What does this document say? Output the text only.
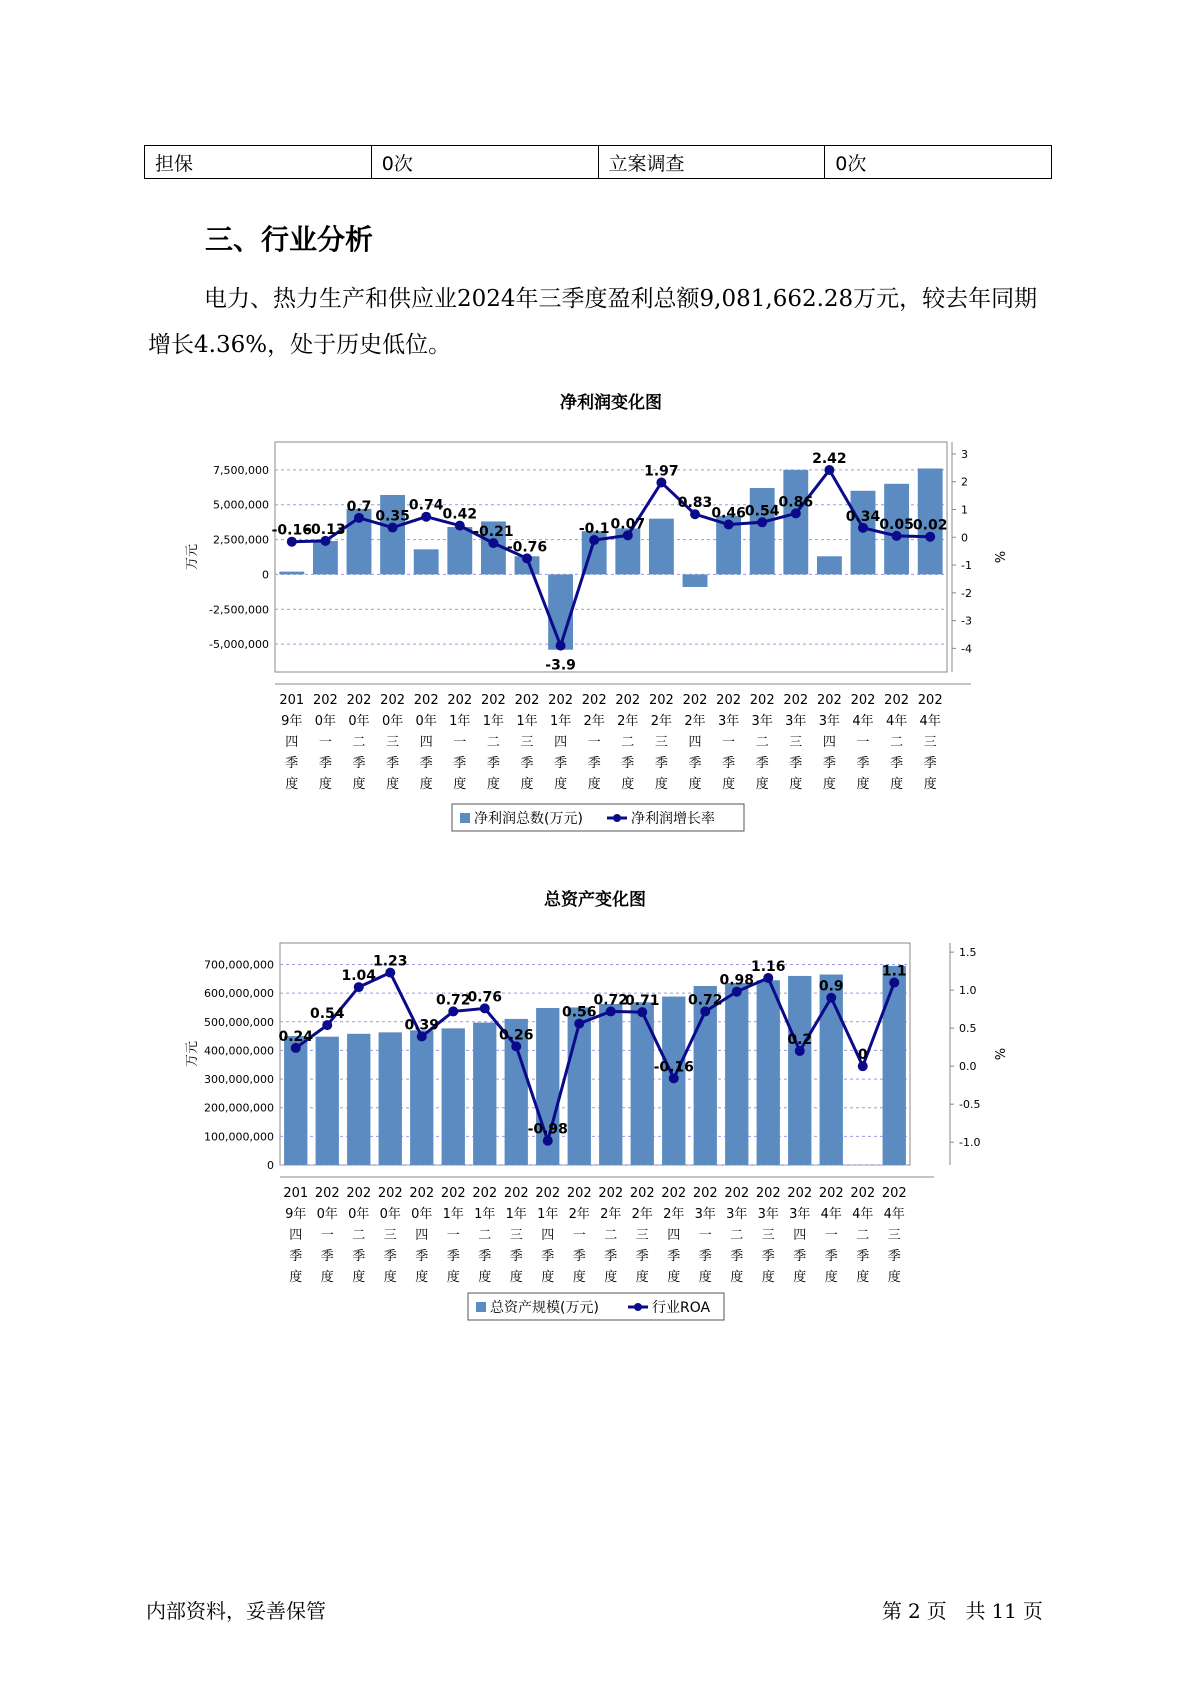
担保	0次	立案调查	0次
三、行业分析
电力、热力生产和供应业2024年三季度盈利总额9,081,662.28万元，较去年同期增长4.36%，处于历史低位。
净利润变化图
7,500,000
5,000,000
2,500,000
0
-2,500,000
-5,000,000
3
2
1
0
-1
-2
-3
-4
万元	%
-0.16
-0.13
0.7
0.35
0.74
0.42
-0.21
-0.76
-3.9
-0.1 0.07
1.97
0.83
0.46 0.54
0.86
2.42
0.34
0.05 0.02
201 9年四季度
202 0年一季度
202 0年二季度
202 0年三季度
202 0年四季度
202 1年一季度
202 1年二季度
202 1年三季度
202 1年四季度
202 2年一季度
202 2年二季度
202 2年三季度
202 2年四季度
202 3年一季度
202 3年二季度
202 3年三季度
202 3年四季度
202 4年一季度
202 4年二季度
202 4年三季度
净利润总数(万元)	净利润增长率
总资产变化图
700,000,000
600,000,000
500,000,000
400,000,000
300,000,000
200,000,000
100,000,000
0
1.5
1.0
0.5
0.0
-0.5
-1.0
万元	%
0.24
0.54
1.04
1.23
0.39
0.72
0.76
0.26
-0.98
0.56
0.72
0.71
-0.16
0.72
0.98
1.16
0.2
0.9
0
1.1
201 9年四季度
202 0年一季度
202 0年二季度
202 0年三季度
202 0年四季度
202 1年一季度
202 1年二季度
202 1年三季度
202 1年四季度
202 2年一季度
202 2年二季度
202 2年三季度
202 2年四季度
202 3年一季度
202 3年二季度
202 3年三季度
202 3年四季度
202 4年一季度
202 4年二季度
202 4年三季度
总资产规模(万元)	行业ROA
内部资料，妥善保管	第 2 页 共 11 页
